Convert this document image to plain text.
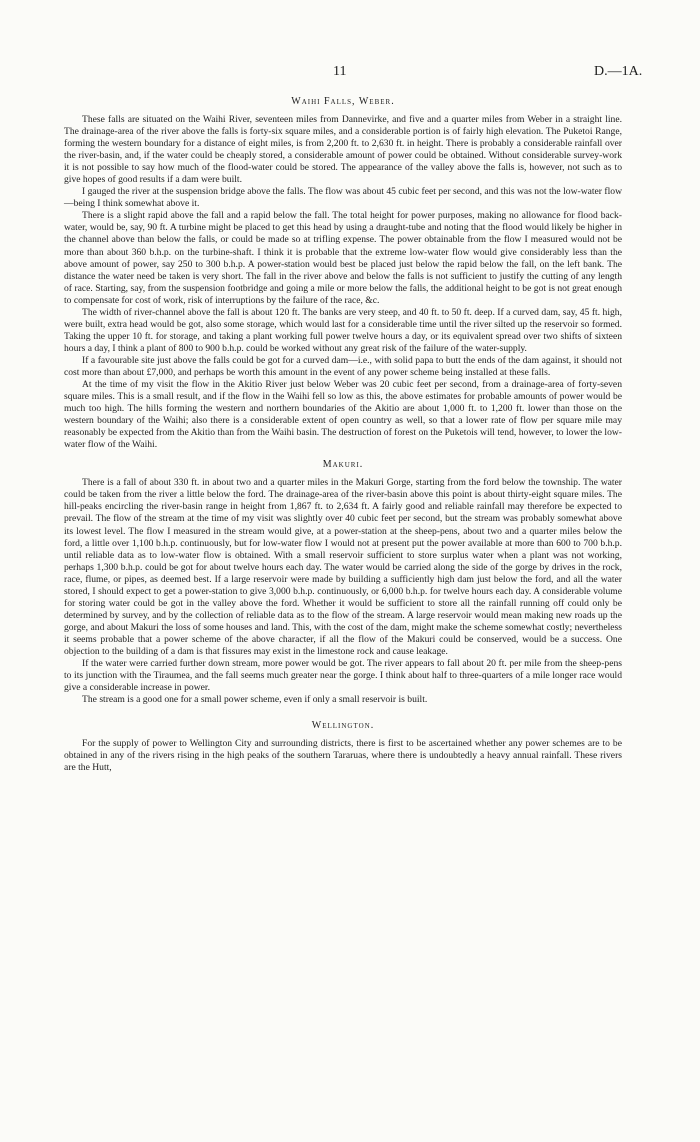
11	D.—1A.
Waihi Falls, Weber.

These falls are situated on the Waihi River, seventeen miles from Dannevirke, and five and a quarter miles from Weber in a straight line. The drainage-area of the river above the falls is forty-six square miles, and a considerable portion is of fairly high elevation. The Puketoi Range, forming the western boundary for a distance of eight miles, is from 2,200 ft. to 2,630 ft. in height. There is probably a considerable rainfall over the river-basin, and, if the water could be cheaply stored, a considerable amount of power could be obtained. Without considerable survey-work it is not possible to say how much of the flood-water could be stored. The appearance of the valley above the falls is, however, not such as to give hopes of good results if a dam were built.

I gauged the river at the suspension bridge above the falls. The flow was about 45 cubic feet per second, and this was not the low-water flow—being I think somewhat above it.

There is a slight rapid above the fall and a rapid below the fall. The total height for power purposes, making no allowance for flood back-water, would be, say, 90 ft. A turbine might be placed to get this head by using a draught-tube and noting that the flood would likely be higher in the channel above than below the falls, or could be made so at trifling expense. The power obtainable from the flow I measured would not be more than about 360 b.h.p. on the turbine-shaft. I think it is probable that the extreme low-water flow would give considerably less than the above amount of power, say 250 to 300 b.h.p. A power-station would best be placed just below the rapid below the fall, on the left bank. The distance the water need be taken is very short. The fall in the river above and below the falls is not sufficient to justify the cutting of any length of race. Starting, say, from the suspension footbridge and going a mile or more below the falls, the additional height to be got is not great enough to compensate for cost of work, risk of interruptions by the failure of the race, &c.

The width of river-channel above the fall is about 120 ft. The banks are very steep, and 40 ft. to 50 ft. deep. If a curved dam, say, 45 ft. high, were built, extra head would be got, also some storage, which would last for a considerable time until the river silted up the reservoir so formed. Taking the upper 10 ft. for storage, and taking a plant working full power twelve hours a day, or its equivalent spread over two shifts of sixteen hours a day, I think a plant of 800 to 900 b.h.p. could be worked without any great risk of the failure of the water-supply.

If a favourable site just above the falls could be got for a curved dam—i.e., with solid papa to butt the ends of the dam against, it should not cost more than about £7,000, and perhaps be worth this amount in the event of any power scheme being installed at these falls.

At the time of my visit the flow in the Akitio River just below Weber was 20 cubic feet per second, from a drainage-area of forty-seven square miles. This is a small result, and if the flow in the Waihi fell so low as this, the above estimates for probable amounts of power would be much too high. The hills forming the western and northern boundaries of the Akitio are about 1,000 ft. to 1,200 ft. lower than those on the western boundary of the Waihi; also there is a considerable extent of open country as well, so that a lower rate of flow per square mile may reasonably be expected from the Akitio than from the Waihi basin. The destruction of forest on the Puketois will tend, however, to lower the low-water flow of the Waihi.

Makuri.

There is a fall of about 330 ft. in about two and a quarter miles in the Makuri Gorge, starting from the ford below the township. The water could be taken from the river a little below the ford. The drainage-area of the river-basin above this point is about thirty-eight square miles. The hill-peaks encircling the river-basin range in height from 1,867 ft. to 2,634 ft. A fairly good and reliable rainfall may therefore be expected to prevail. The flow of the stream at the time of my visit was slightly over 40 cubic feet per second, but the stream was probably somewhat above its lowest level. The flow I measured in the stream would give, at a power-station at the sheep-pens, about two and a quarter miles below the ford, a little over 1,100 b.h.p. continuously, but for low-water flow I would not at present put the power available at more than 600 to 700 b.h.p. until reliable data as to low-water flow is obtained. With a small reservoir sufficient to store surplus water when a plant was not working, perhaps 1,300 b.h.p. could be got for about twelve hours each day. The water would be carried along the side of the gorge by drives in the rock, race, flume, or pipes, as deemed best. If a large reservoir were made by building a sufficiently high dam just below the ford, and all the water stored, I should expect to get a power-station to give 3,000 b.h.p. continuously, or 6,000 b.h.p. for twelve hours each day. A considerable volume for storing water could be got in the valley above the ford. Whether it would be sufficient to store all the rainfall running off could only be determined by survey, and by the collection of reliable data as to the flow of the stream. A large reservoir would mean making new roads up the gorge, and about Makuri the loss of some houses and land. This, with the cost of the dam, might make the scheme somewhat costly; nevertheless it seems probable that a power scheme of the above character, if all the flow of the Makuri could be conserved, would be a success. One objection to the building of a dam is that fissures may exist in the limestone rock and cause leakage.

If the water were carried further down stream, more power would be got. The river appears to fall about 20 ft. per mile from the sheep-pens to its junction with the Tiraumea, and the fall seems much greater near the gorge. I think about half to three-quarters of a mile longer race would give a considerable increase in power.

The stream is a good one for a small power scheme, even if only a small reservoir is built.

Wellington.

For the supply of power to Wellington City and surrounding districts, there is first to be ascertained whether any power schemes are to be obtained in any of the rivers rising in the high peaks of the southern Tararuas, where there is undoubtedly a heavy annual rainfall. These rivers are the Hutt,
